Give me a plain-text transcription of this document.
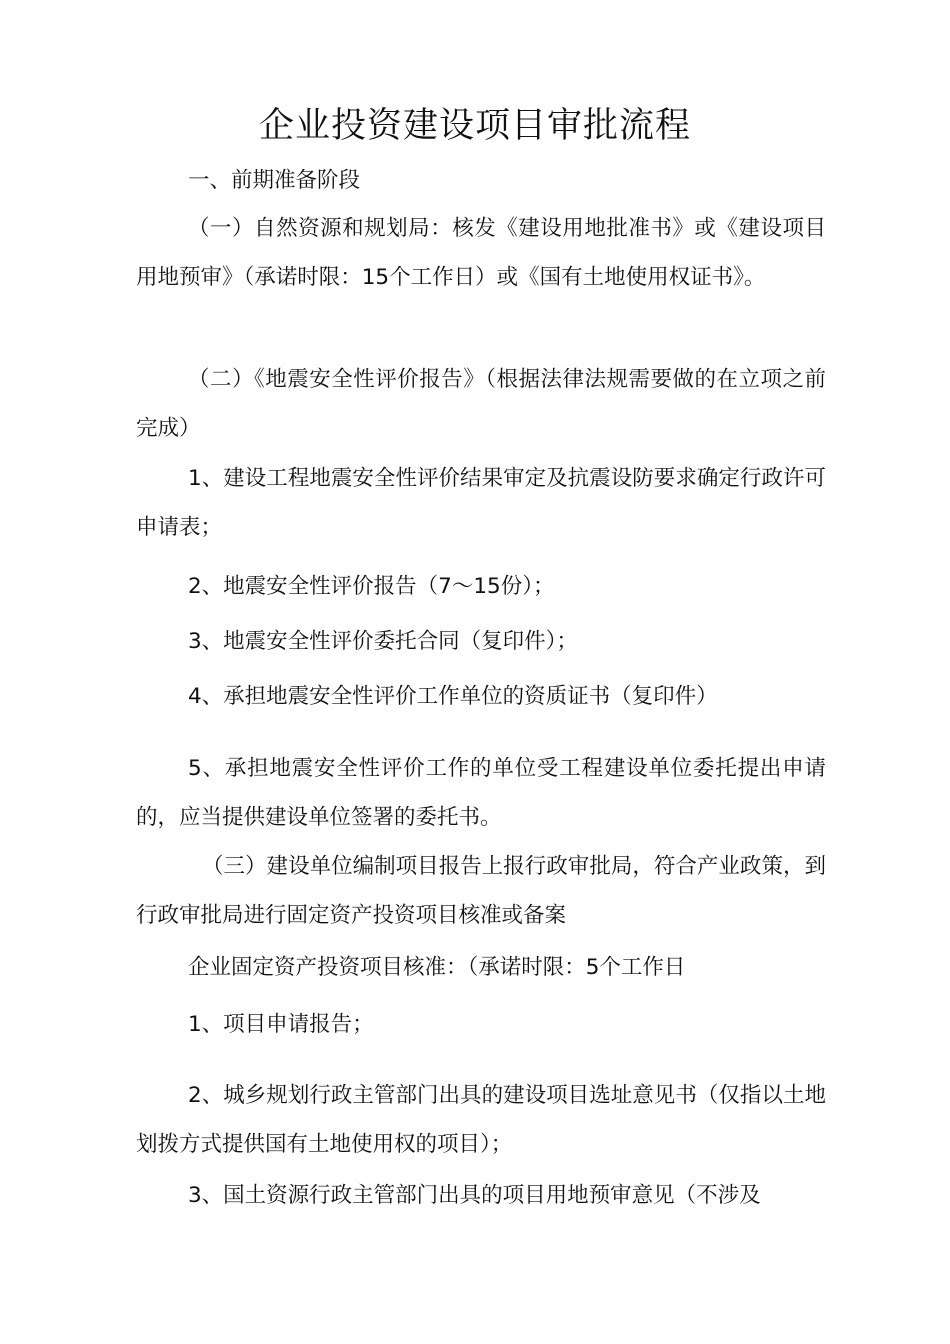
企业投资建设项目审批流程

一、前期准备阶段

（一）自然资源和规划局：核发《建设用地批准书》或《建设项目用地预审》（承诺时限：15个工作日）或《国有土地使用权证书》。

（二）《地震安全性评价报告》（根据法律法规需要做的在立项之前完成）

1、建设工程地震安全性评价结果审定及抗震设防要求确定行政许可申请表；

2、地震安全性评价报告（7～15份）；

3、地震安全性评价委托合同（复印件）；

4、承担地震安全性评价工作单位的资质证书（复印件）

5、承担地震安全性评价工作的单位受工程建设单位委托提出申请的，应当提供建设单位签署的委托书。

（三）建设单位编制项目报告上报行政审批局，符合产业政策，到行政审批局进行固定资产投资项目核准或备案

企业固定资产投资项目核准：（承诺时限：5个工作日

1、项目申请报告；

2、城乡规划行政主管部门出具的建设项目选址意见书（仅指以土地划拨方式提供国有土地使用权的项目）；

3、国土资源行政主管部门出具的项目用地预审意见（不涉及
